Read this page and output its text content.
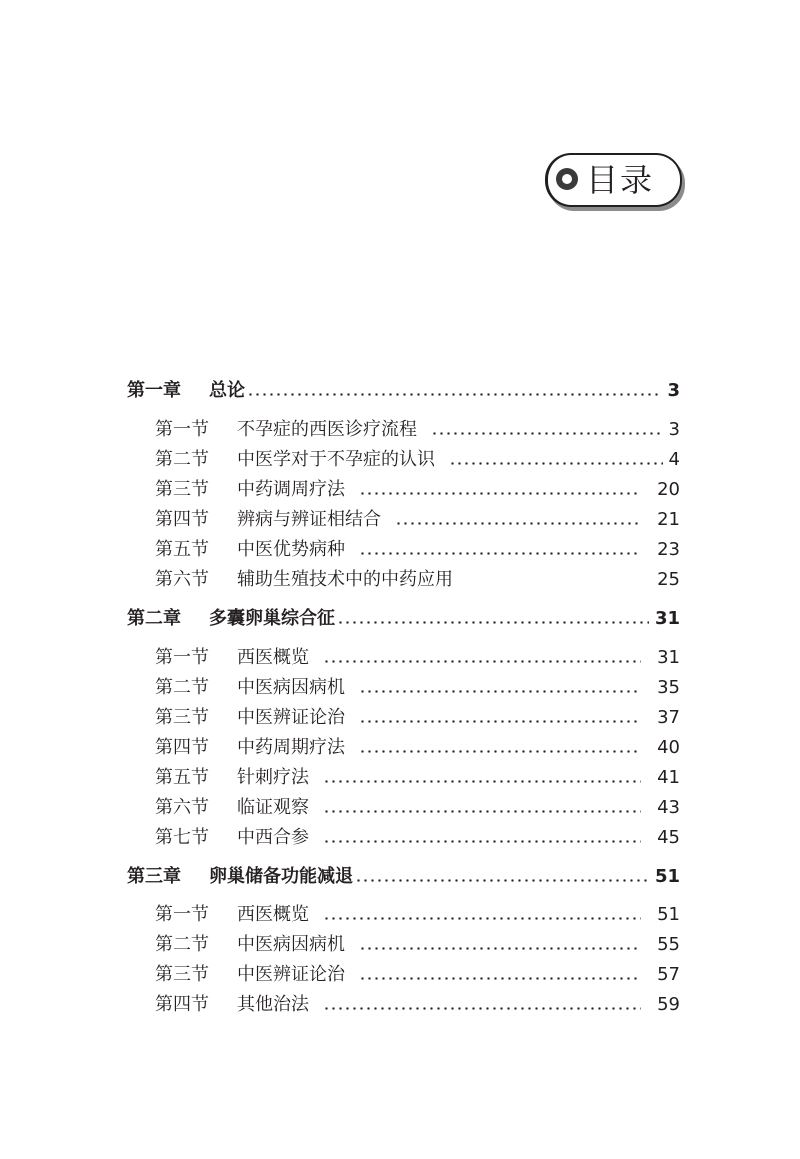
目录
第一章	总论	3
第一节	不孕症的西医诊疗流程	3
第二节	中医学对于不孕症的认识	4
第三节	中药调周疗法	20
第四节	辨病与辨证相结合	21
第五节	中医优势病种	23
第六节	辅助生殖技术中的中药应用	25
第二章	多囊卵巢综合征	31
第一节	西医概览	31
第二节	中医病因病机	35
第三节	中医辨证论治	37
第四节	中药周期疗法	40
第五节	针刺疗法	41
第六节	临证观察	43
第七节	中西合参	45
第三章	卵巢储备功能减退	51
第一节	西医概览	51
第二节	中医病因病机	55
第三节	中医辨证论治	57
第四节	其他治法	59
